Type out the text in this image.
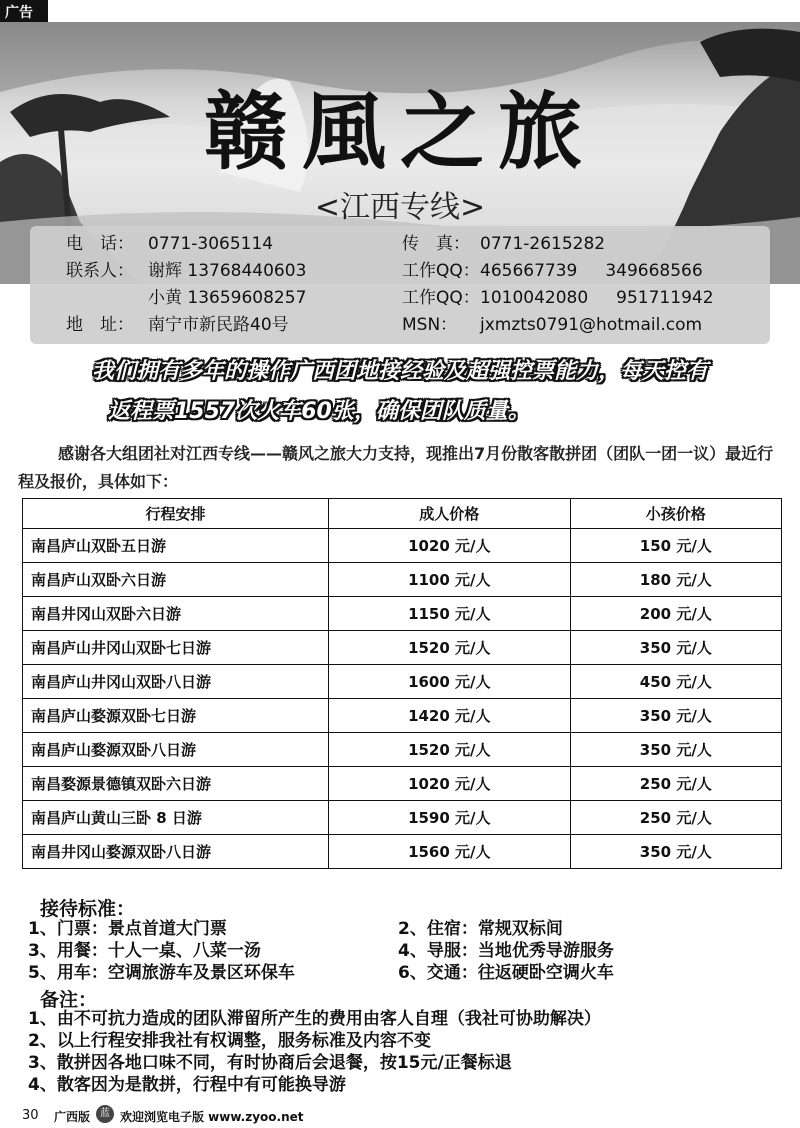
广告
赣風之旅
<江西专线>
电　话： 0771-3065114	传　真： 0771-2615282
联系人： 谢辉 13768440603	工作QQ：465667739 349668566
小黄 13659608257	工作QQ：1010042080 951711942
地　址： 南宁市新民路40号	MSN： jxmzts0791@hotmail.com
我们拥有多年的操作广西团地接经验及超强控票能力，每天控有
返程票1557次火车60张，确保团队质量。
感谢各大组团社对江西专线——赣风之旅大力支持，现推出7月份散客散拼团（团队一团一议）最近行程及报价，具体如下：
行程安排	成人价格	小孩价格
南昌庐山双卧五日游	1020 元/人	150 元/人
南昌庐山双卧六日游	1100 元/人	180 元/人
南昌井冈山双卧六日游	1150 元/人	200 元/人
南昌庐山井冈山双卧七日游	1520 元/人	350 元/人
南昌庐山井冈山双卧八日游	1600 元/人	450 元/人
南昌庐山婺源双卧七日游	1420 元/人	350 元/人
南昌庐山婺源双卧八日游	1520 元/人	350 元/人
南昌婺源景德镇双卧六日游	1020 元/人	250 元/人
南昌庐山黄山三卧 8 日游	1590 元/人	250 元/人
南昌井冈山婺源双卧八日游	1560 元/人	350 元/人
接待标准：
1、门票：景点首道大门票	2、住宿：常规双标间
3、用餐：十人一桌、八菜一汤	4、导服：当地优秀导游服务
5、用车：空调旅游车及景区环保车	6、交通：往返硬卧空调火车
备注：
1、由不可抗力造成的团队滞留所产生的费用由客人自理（我社可协助解决）
2、以上行程安排我社有权调整，服务标准及内容不变
3、散拼因各地口味不同，有时协商后会退餐，按15元/正餐标退
4、散客因为是散拼，行程中有可能换导游
30 广西版 蓝 欢迎浏览电子版 www.zyoo.net
